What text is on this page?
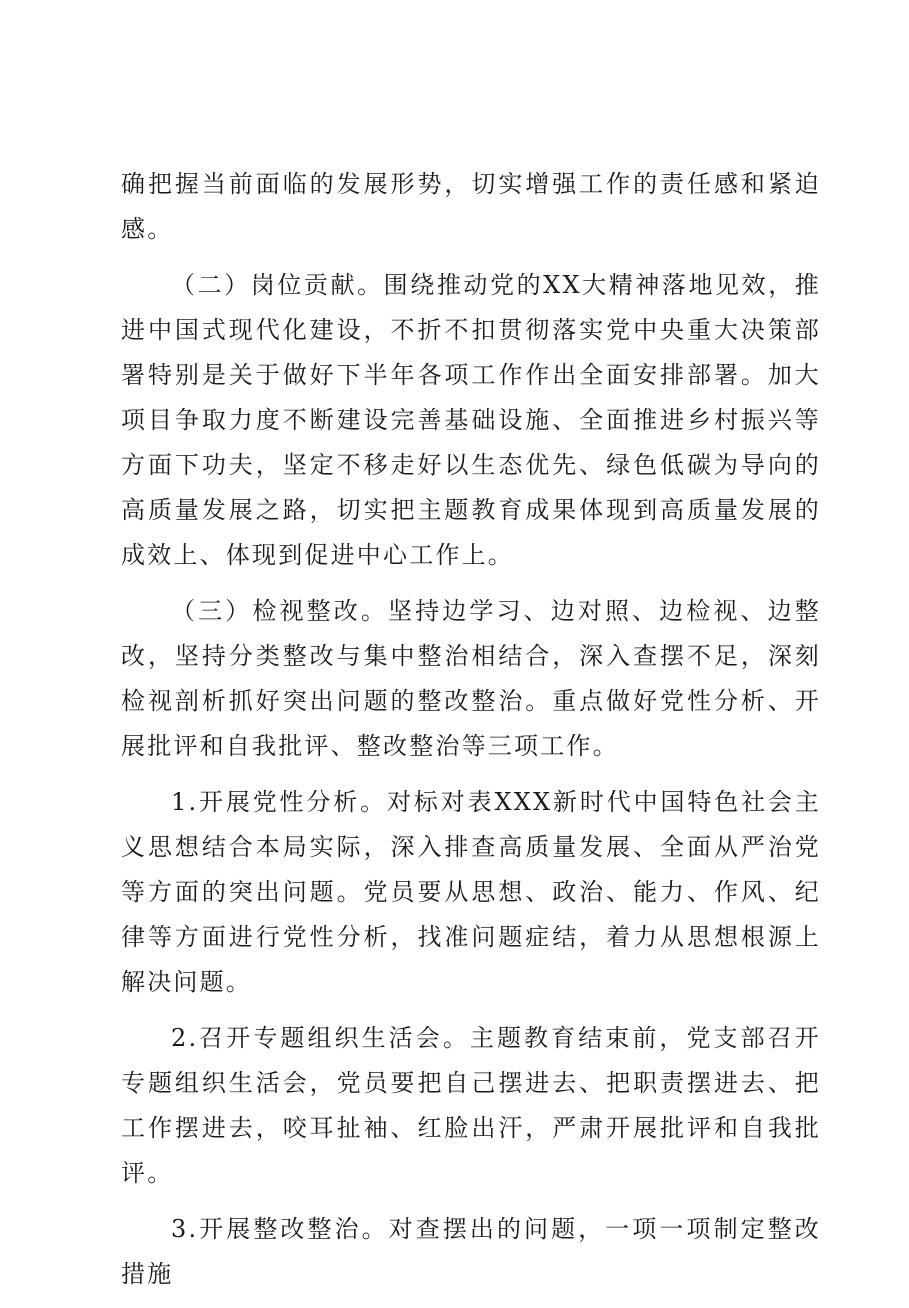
确把握当前面临的发展形势，切实增强工作的责任感和紧迫感。

（二）岗位贡献。围绕推动党的XX大精神落地见效，推进中国式现代化建设，不折不扣贯彻落实党中央重大决策部署特别是关于做好下半年各项工作作出全面安排部署。加大项目争取力度不断建设完善基础设施、全面推进乡村振兴等方面下功夫，坚定不移走好以生态优先、绿色低碳为导向的高质量发展之路，切实把主题教育成果体现到高质量发展的成效上、体现到促进中心工作上。

（三）检视整改。坚持边学习、边对照、边检视、边整改，坚持分类整改与集中整治相结合，深入查摆不足，深刻检视剖析抓好突出问题的整改整治。重点做好党性分析、开展批评和自我批评、整改整治等三项工作。

1.开展党性分析。对标对表XXX新时代中国特色社会主义思想结合本局实际，深入排查高质量发展、全面从严治党等方面的突出问题。党员要从思想、政治、能力、作风、纪律等方面进行党性分析，找准问题症结，着力从思想根源上解决问题。

2.召开专题组织生活会。主题教育结束前，党支部召开专题组织生活会，党员要把自己摆进去、把职责摆进去、把工作摆进去，咬耳扯袖、红脸出汗，严肃开展批评和自我批评。

3.开展整改整治。对查摆出的问题，一项一项制定整改措施
